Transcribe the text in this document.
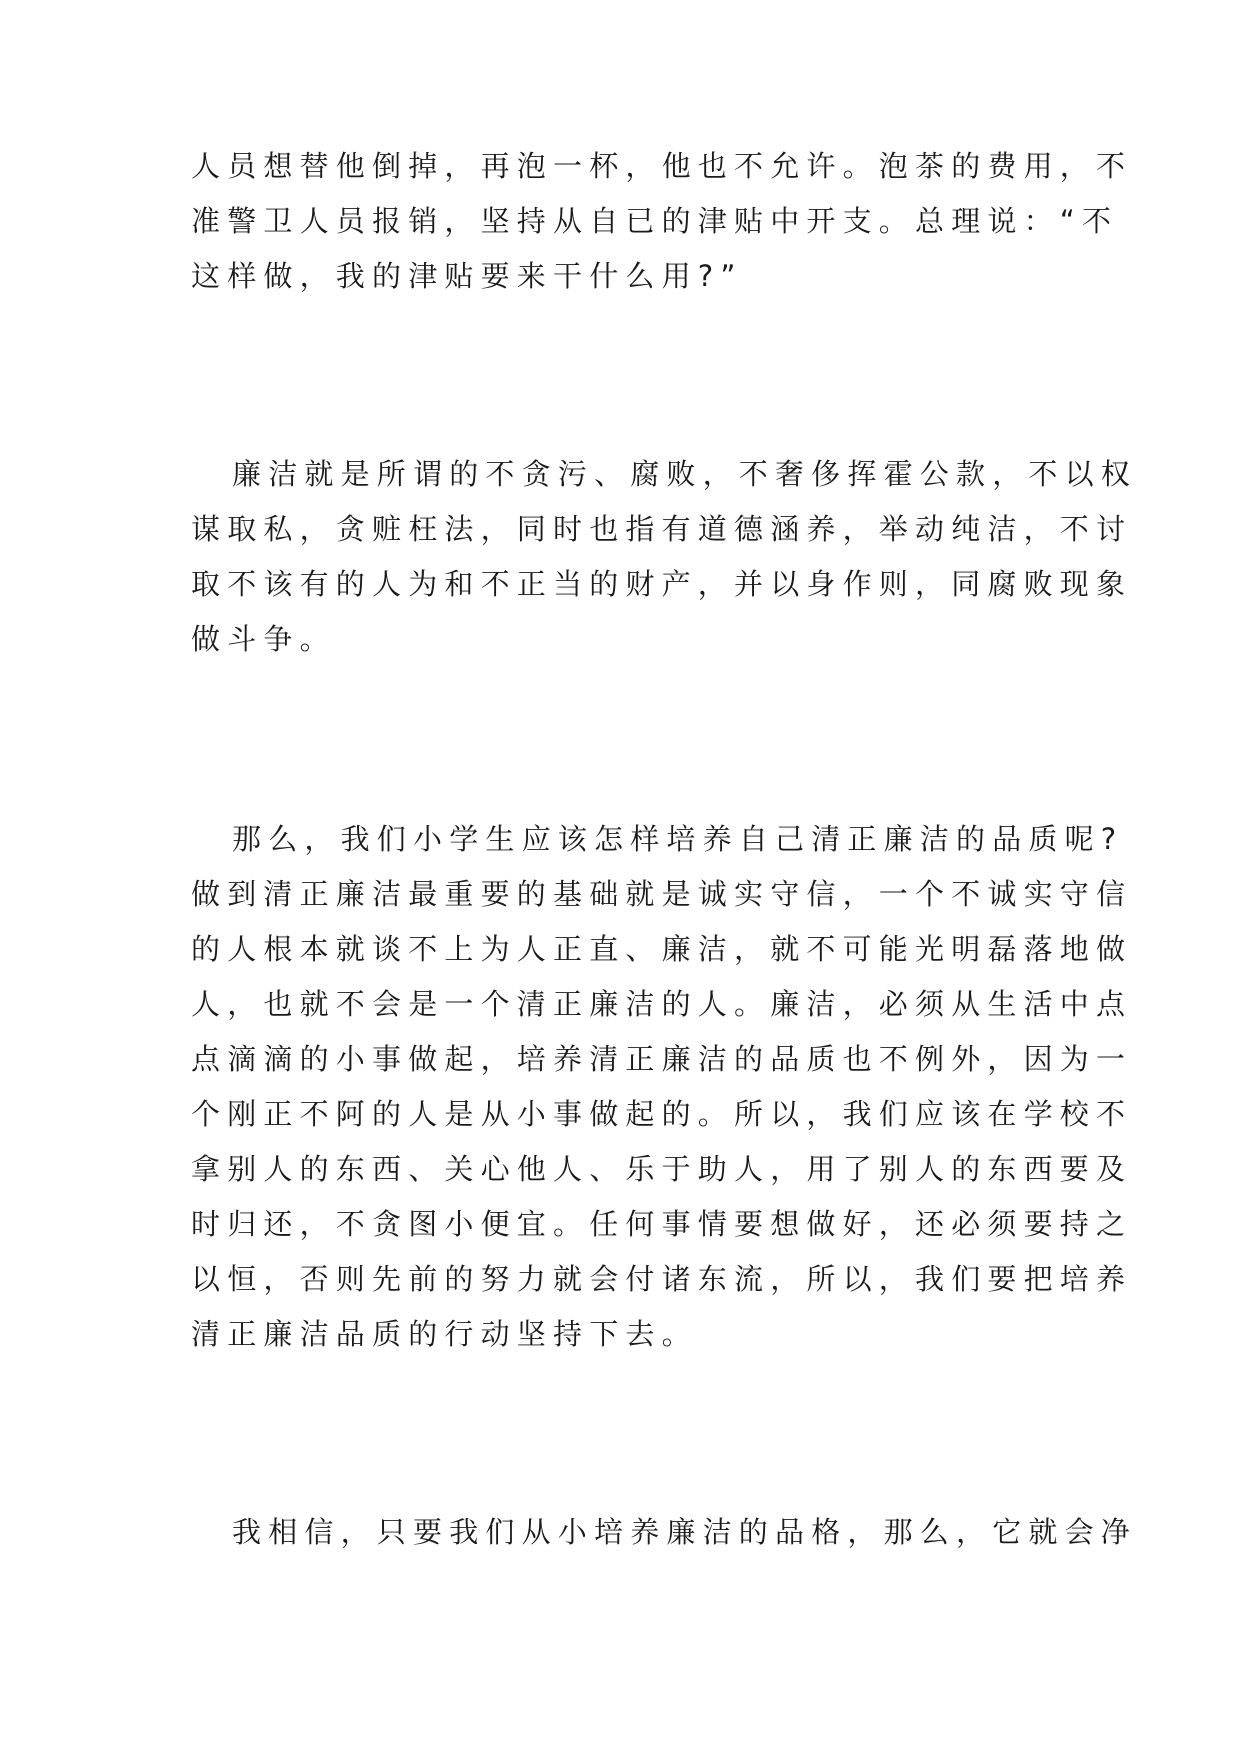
人员想替他倒掉，再泡一杯，他也不允许。泡茶的费用，不
准警卫人员报销，坚持从自已的津贴中开支。总理说：“不
这样做，我的津贴要来干什么用?”
廉洁就是所谓的不贪污、腐败，不奢侈挥霍公款，不以权
谋取私，贪赃枉法，同时也指有道德涵养，举动纯洁，不讨
取不该有的人为和不正当的财产，并以身作则，同腐败现象
做斗争。
那么，我们小学生应该怎样培养自己清正廉洁的品质呢?
做到清正廉洁最重要的基础就是诚实守信，一个不诚实守信
的人根本就谈不上为人正直、廉洁，就不可能光明磊落地做
人，也就不会是一个清正廉洁的人。廉洁，必须从生活中点
点滴滴的小事做起，培养清正廉洁的品质也不例外，因为一
个刚正不阿的人是从小事做起的。所以，我们应该在学校不
拿别人的东西、关心他人、乐于助人，用了别人的东西要及
时归还，不贪图小便宜。任何事情要想做好，还必须要持之
以恒，否则先前的努力就会付诸东流，所以，我们要把培养
清正廉洁品质的行动坚持下去。
我相信，只要我们从小培养廉洁的品格，那么，它就会净
